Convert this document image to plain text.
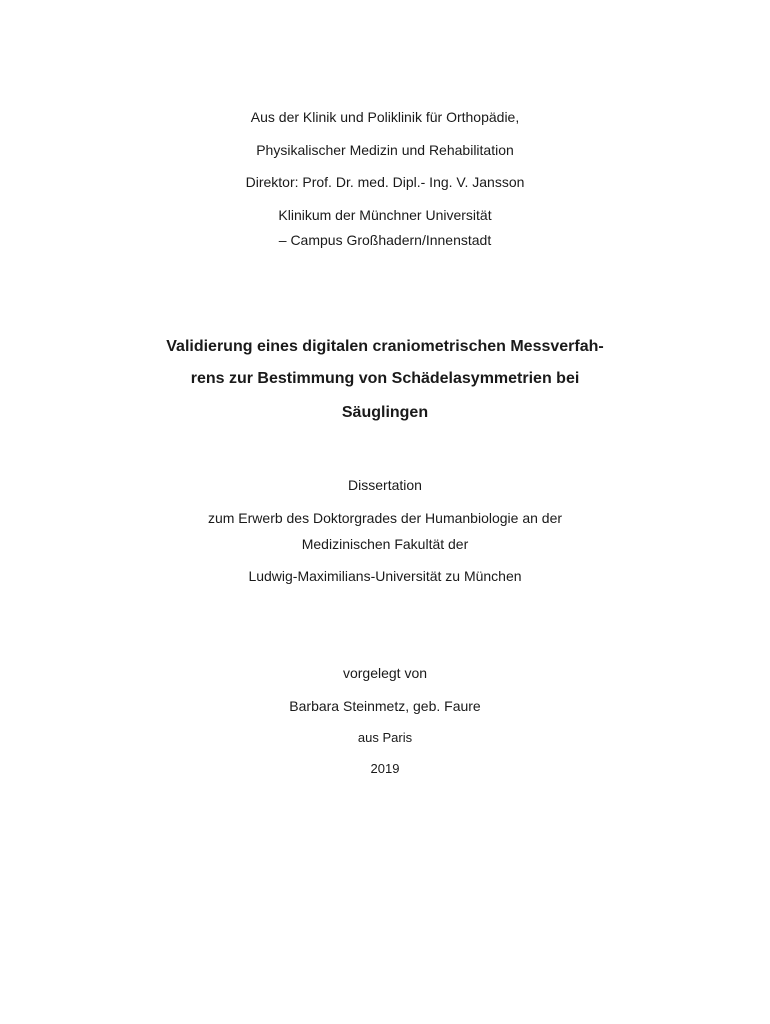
Aus der Klinik und Poliklinik für Orthopädie,
Physikalischer Medizin und Rehabilitation
Direktor: Prof. Dr. med. Dipl.- Ing. V. Jansson
Klinikum der Münchner Universität
– Campus Großhadern/Innenstadt
Validierung eines digitalen craniometrischen Messverfah-
rens zur Bestimmung von Schädelasymmetrien bei
Säuglingen
Dissertation
zum Erwerb des Doktorgrades der Humanbiologie an der
Medizinischen Fakultät der
Ludwig-Maximilians-Universität zu München
vorgelegt von
Barbara Steinmetz, geb. Faure
aus Paris
2019
